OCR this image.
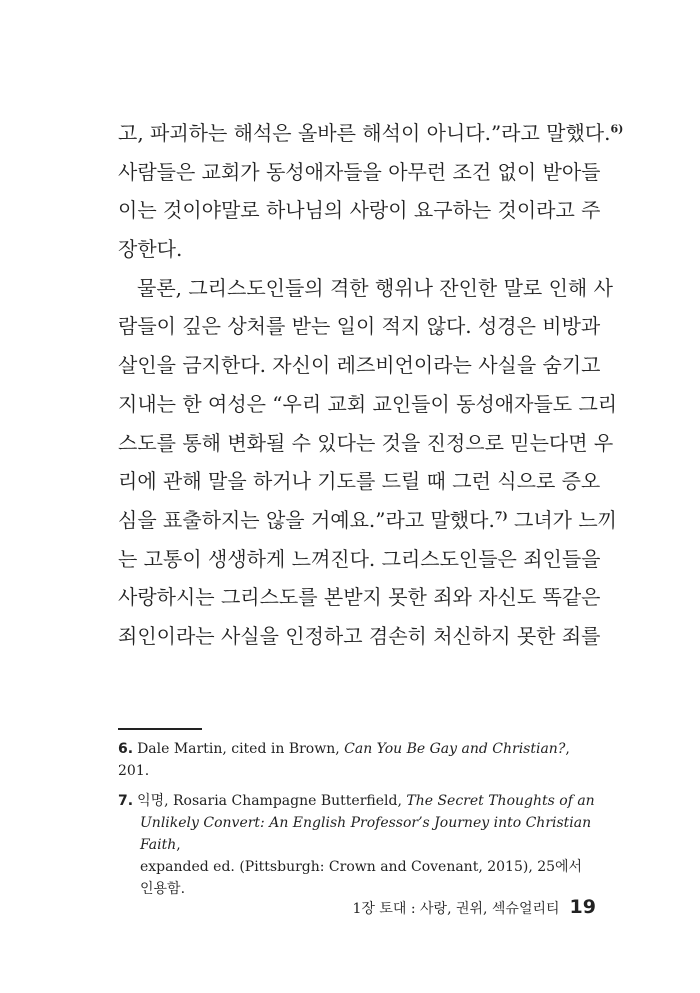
고, 파괴하는 해석은 올바른 해석이 아니다.”라고 말했다.$^{6)}$
사람들은 교회가 동성애자들을 아무런 조건 없이 받아들
이는 것이야말로 하나님의 사랑이 요구하는 것이라고 주
장한다.
물론, 그리스도인들의 격한 행위나 잔인한 말로 인해 사
람들이 깊은 상처를 받는 일이 적지 않다. 성경은 비방과
살인을 금지한다. 자신이 레즈비언이라는 사실을 숨기고
지내는 한 여성은 “우리 교회 교인들이 동성애자들도 그리
스도를 통해 변화될 수 있다는 것을 진정으로 믿는다면 우
리에 관해 말을 하거나 기도를 드릴 때 그런 식으로 증오
심을 표출하지는 않을 거예요.”라고 말했다.$^{7)}$ 그녀가 느끼
는 고통이 생생하게 느껴진다. 그리스도인들은 죄인들을
사랑하시는 그리스도를 본받지 못한 죄와 자신도 똑같은
죄인이라는 사실을 인정하고 겸손히 처신하지 못한 죄를

6. Dale Martin, cited in Brown, Can You Be Gay and Christian?, 201.

7. 익명, Rosaria Champagne Butterfield, The Secret Thoughts of an
Unlikely Convert: An English Professor’s Journey into Christian Faith,
expanded ed. (Pittsburgh: Crown and Covenant, 2015), 25에서 인용함.

1장 토대 : 사랑, 권위, 섹슈얼리티 19
